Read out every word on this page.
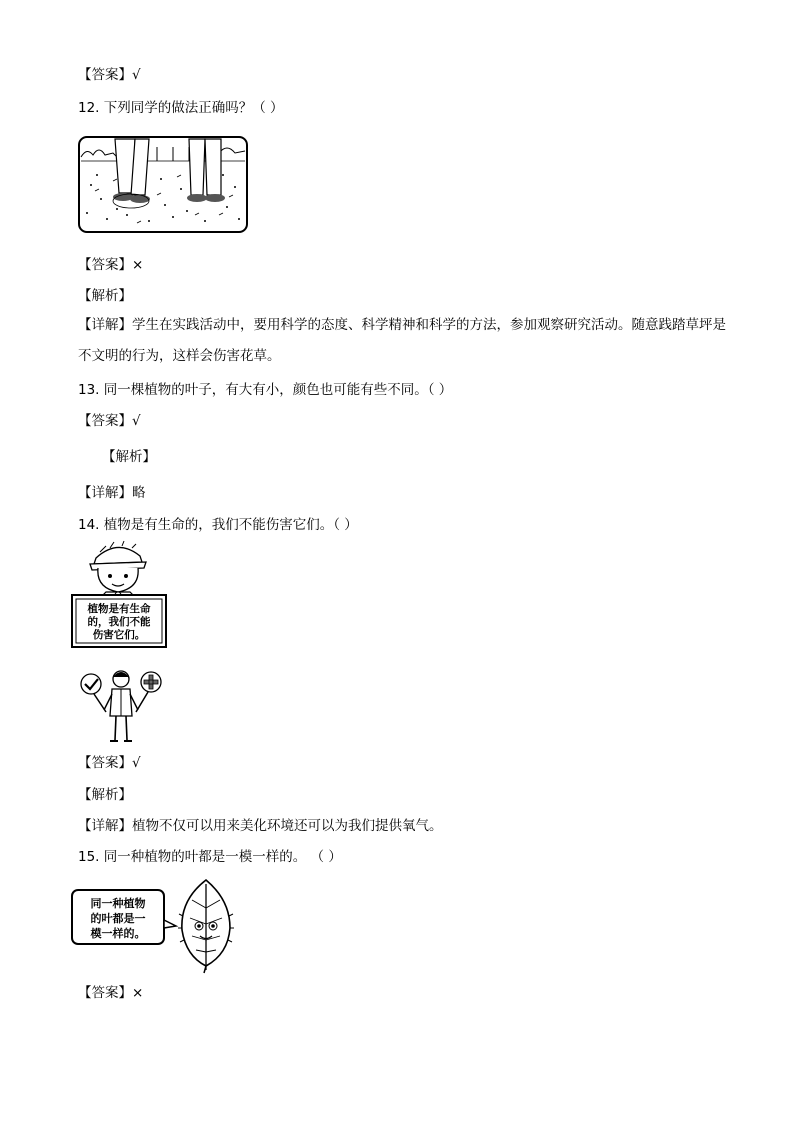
【答案】√
12. 下列同学的做法正确吗？（ ）
【答案】×
【解析】
【详解】学生在实践活动中，要用科学的态度、科学精神和科学的方法，参加观察研究活动。随意践踏草坪是不文明的行为，这样会伤害花草。
13. 同一棵植物的叶子，有大有小，颜色也可能有些不同。（ ）
【答案】√
【解析】
【详解】略
14. 植物是有生命的，我们不能伤害它们。（ ）
植物是有生命
的，我们不能
伤害它们。
【答案】√
【解析】
【详解】植物不仅可以用来美化环境还可以为我们提供氧气。
15. 同一种植物的叶都是一模一样的。 （ ）
同一种植物
的叶都是一
模一样的。
【答案】×
